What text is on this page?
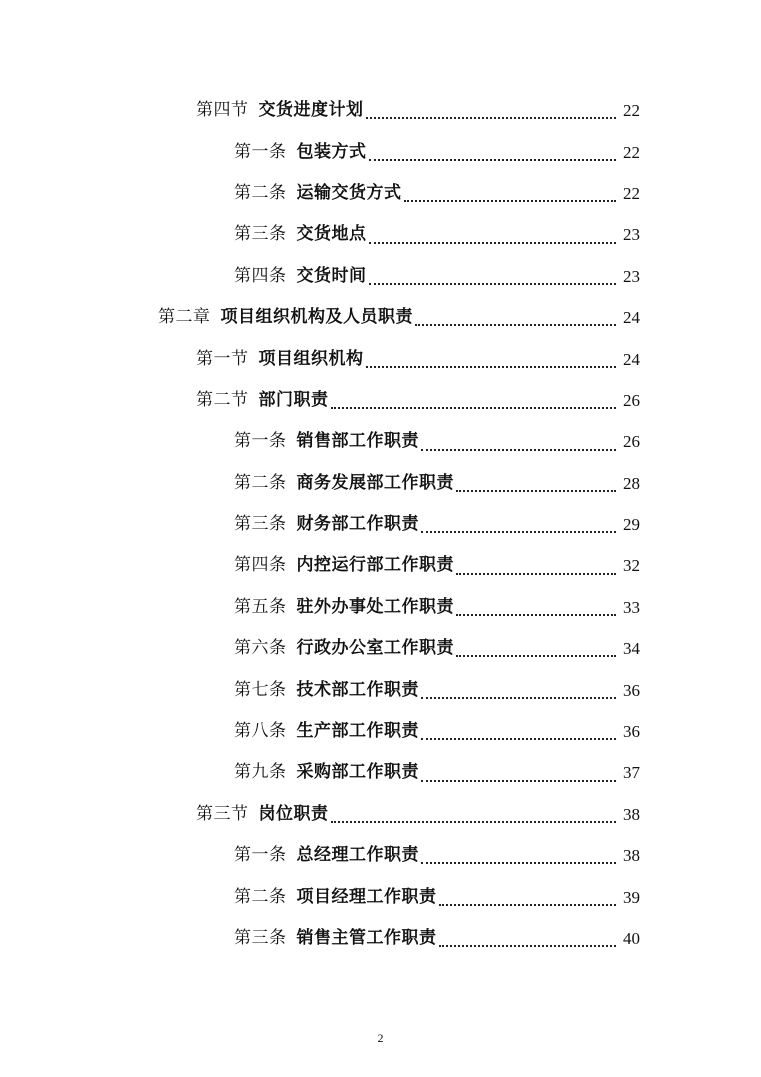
第四节 交货进度计划	22
第一条 包装方式	22
第二条 运输交货方式	22
第三条 交货地点	23
第四条 交货时间	23
第二章 项目组织机构及人员职责	24
第一节 项目组织机构	24
第二节 部门职责	26
第一条 销售部工作职责	26
第二条 商务发展部工作职责	28
第三条 财务部工作职责	29
第四条 内控运行部工作职责	32
第五条 驻外办事处工作职责	33
第六条 行政办公室工作职责	34
第七条 技术部工作职责	36
第八条 生产部工作职责	36
第九条 采购部工作职责	37
第三节 岗位职责	38
第一条 总经理工作职责	38
第二条 项目经理工作职责	39
第三条 销售主管工作职责	40
2
